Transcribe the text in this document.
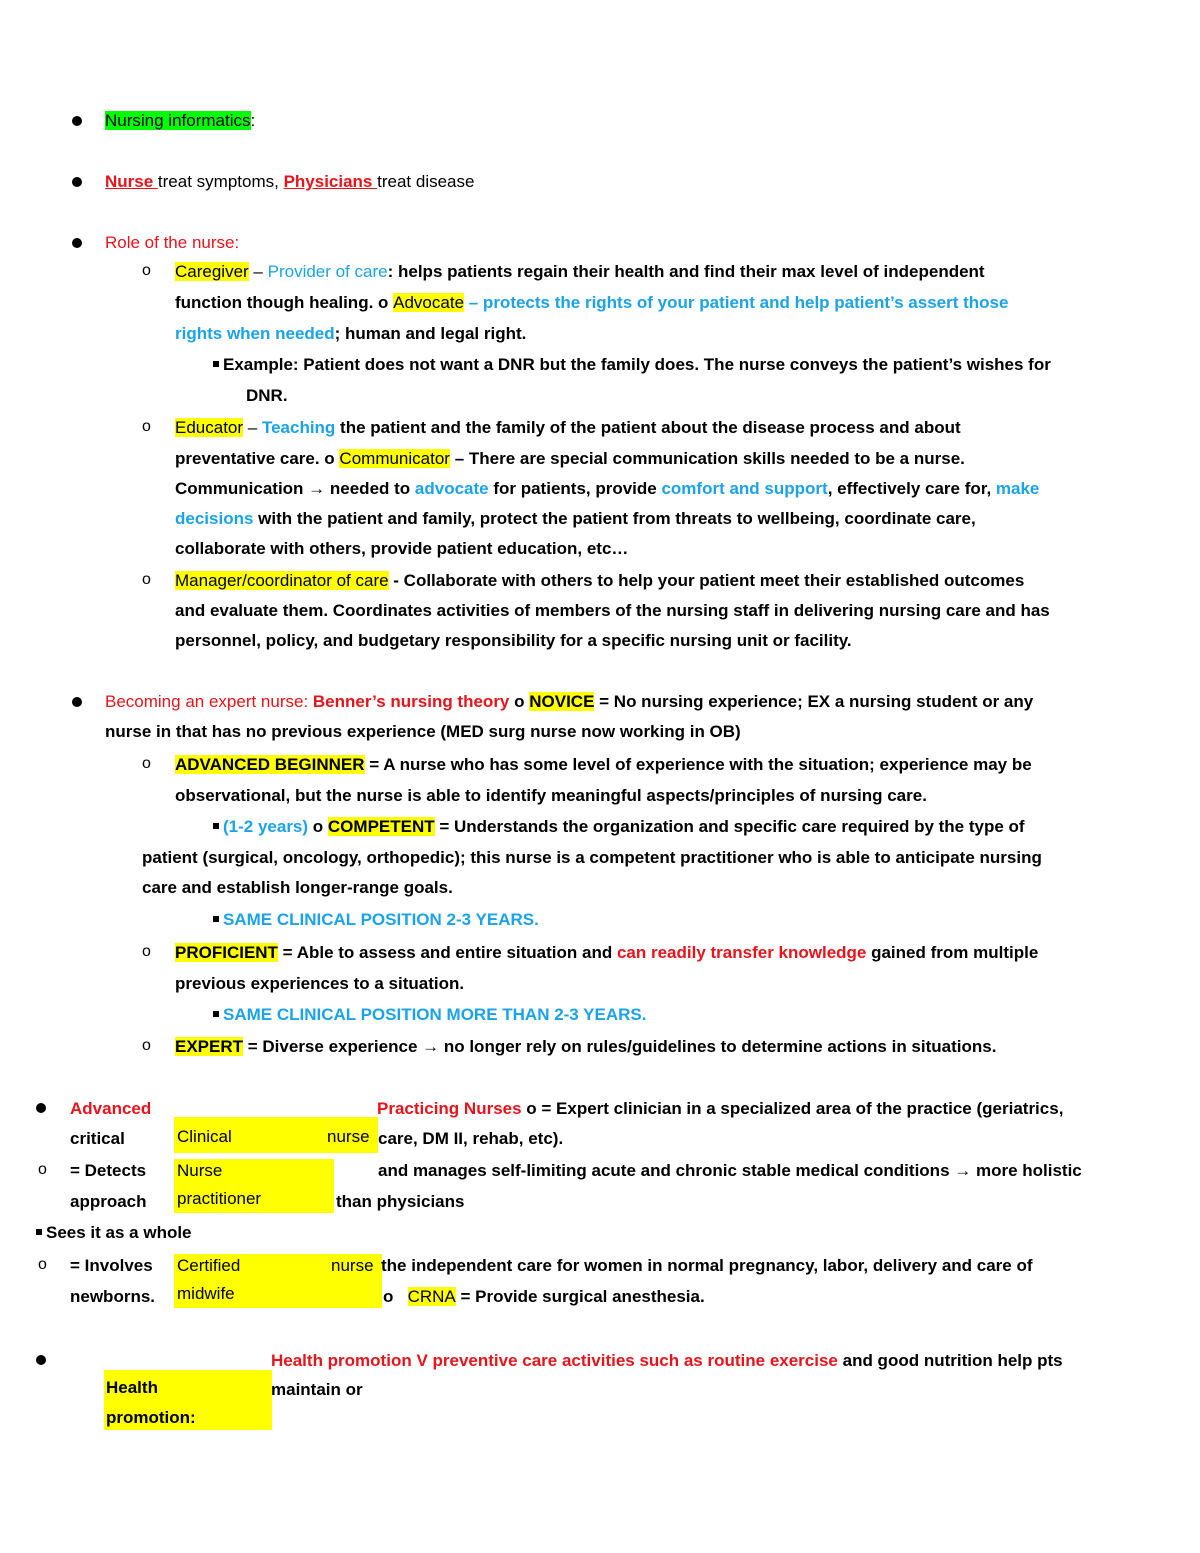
Nursing informatics:
Nurse treat symptoms, Physicians treat disease
Role of the nurse:
o Caregiver – Provider of care: helps patients regain their health and find their max level of independent
function though healing. o Advocate – protects the rights of your patient and help patient’s assert those
rights when needed; human and legal right.
Example: Patient does not want a DNR but the family does. The nurse conveys the patient’s wishes for
DNR.
o Educator – Teaching the patient and the family of the patient about the disease process and about
preventative care. o Communicator – There are special communication skills needed to be a nurse.
Communication → needed to advocate for patients, provide comfort and support, effectively care for, make
decisions with the patient and family, protect the patient from threats to wellbeing, coordinate care,
collaborate with others, provide patient education, etc…
o Manager/coordinator of care - Collaborate with others to help your patient meet their established outcomes
and evaluate them. Coordinates activities of members of the nursing staff in delivering nursing care and has
personnel, policy, and budgetary responsibility for a specific nursing unit or facility.
Becoming an expert nurse: Benner’s nursing theory o NOVICE = No nursing experience; EX a nursing student or any
nurse in that has no previous experience (MED surg nurse now working in OB)
o ADVANCED BEGINNER = A nurse who has some level of experience with the situation; experience may be
observational, but the nurse is able to identify meaningful aspects/principles of nursing care.
(1-2 years) o COMPETENT = Understands the organization and specific care required by the type of
patient (surgical, oncology, orthopedic); this nurse is a competent practitioner who is able to anticipate nursing
care and establish longer-range goals.
SAME CLINICAL POSITION 2-3 YEARS.
o PROFICIENT = Able to assess and entire situation and can readily transfer knowledge gained from multiple
previous experiences to a situation.
SAME CLINICAL POSITION MORE THAN 2-3 YEARS.
o EXPERT = Diverse experience → no longer rely on rules/guidelines to determine actions in situations.
Advanced	Practicing Nurses o = Expert clinician in a specialized area of the practice (geriatrics,
critical	Clinical	nurse care, DM II, rehab, etc).
o = Detects Nurse	and manages self-limiting acute and chronic stable medical conditions → more holistic
approach practitioner	than physicians
Sees it as a whole
o = Involves Certified	nurse the independent care for women in normal pregnancy, labor, delivery and care of
newborns. midwife	o CRNA = Provide surgical anesthesia.
Health
promotion:
Health promotion V preventive care activities such as routine exercise and good nutrition help pts
maintain or
